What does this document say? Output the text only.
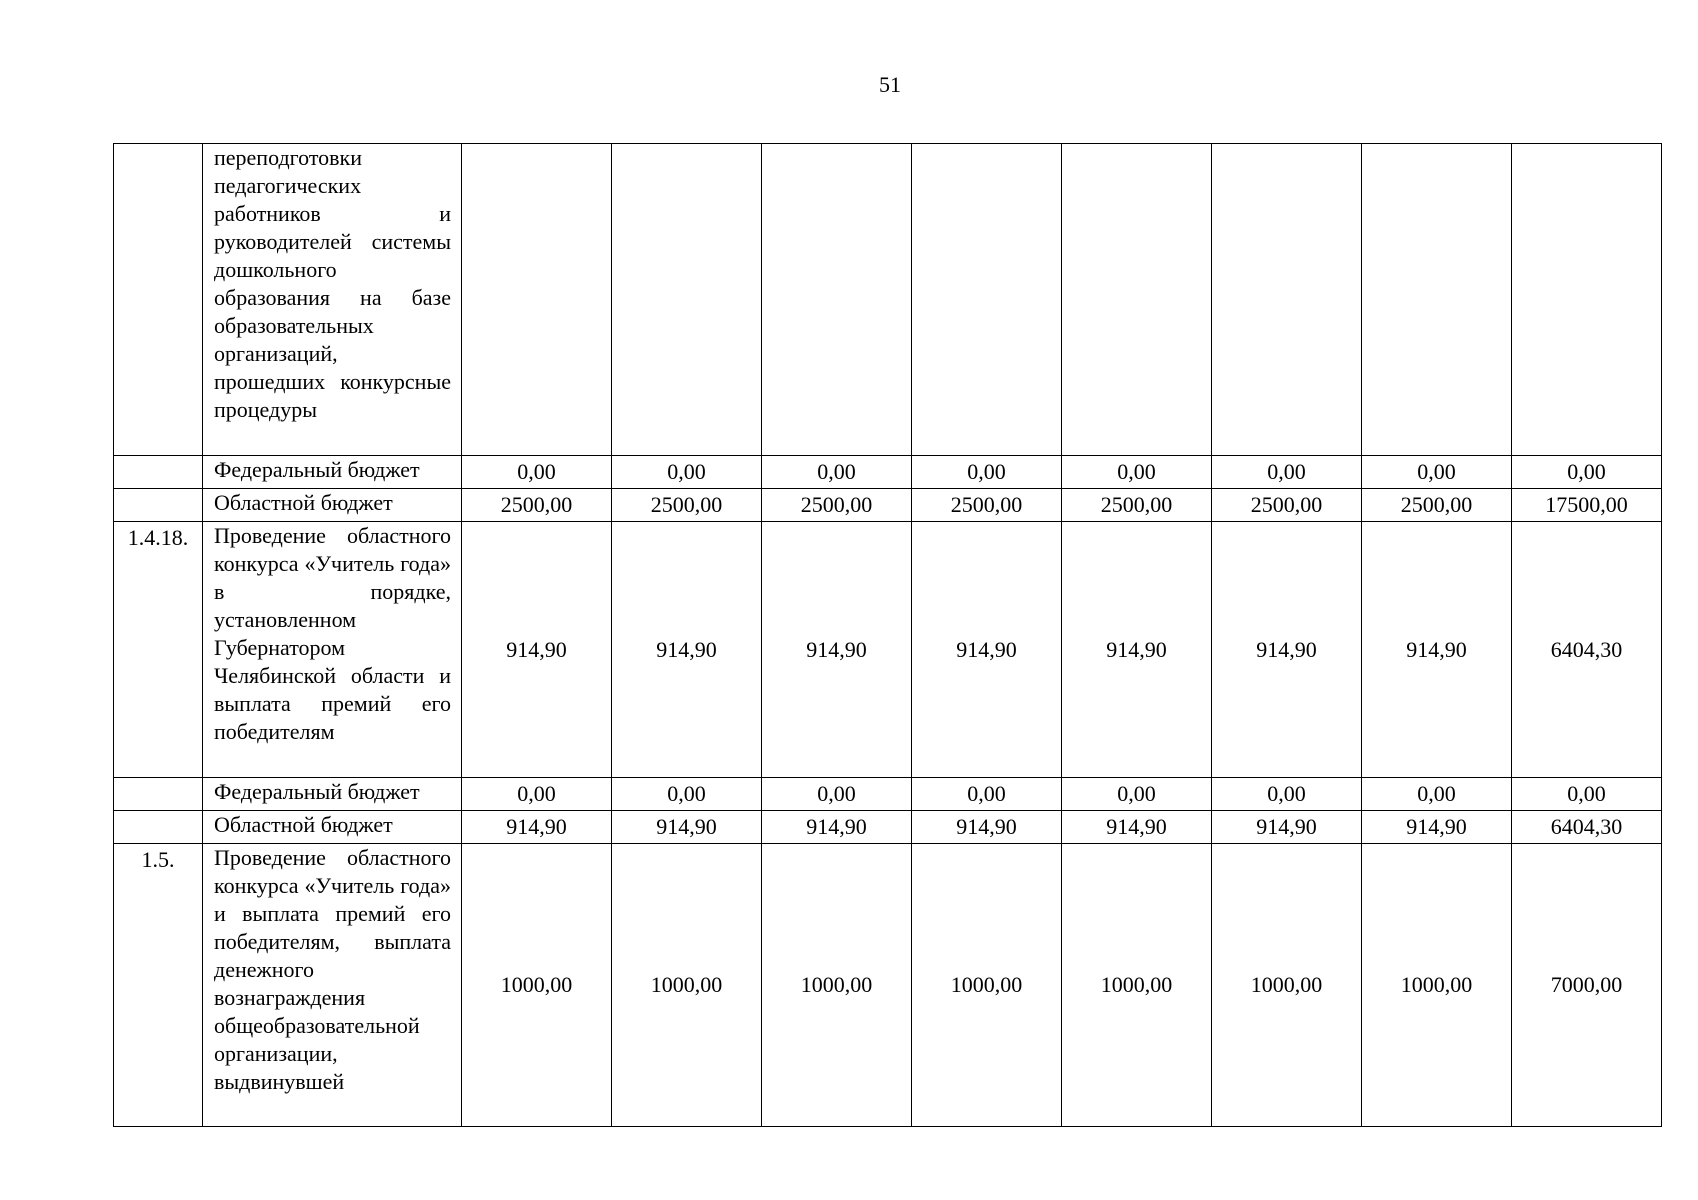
51
	переподготовки педагогических работников и руководителей системы дошкольного образования на базе образовательных организаций, прошедших конкурсные процедуры								
	Федеральный бюджет	0,00	0,00	0,00	0,00	0,00	0,00	0,00	0,00
	Областной бюджет	2500,00	2500,00	2500,00	2500,00	2500,00	2500,00	2500,00	17500,00
1.4.18.	Проведение областного конкурса «Учитель года» в порядке, установленном Губернатором Челябинской области и выплата премий его победителям	914,90	914,90	914,90	914,90	914,90	914,90	914,90	6404,30
	Федеральный бюджет	0,00	0,00	0,00	0,00	0,00	0,00	0,00	0,00
	Областной бюджет	914,90	914,90	914,90	914,90	914,90	914,90	914,90	6404,30
1.5.	Проведение областного конкурса «Учитель года» и выплата премий его победителям, выплата денежного вознаграждения общеобразовательной организации, выдвинувшей	1000,00	1000,00	1000,00	1000,00	1000,00	1000,00	1000,00	7000,00
